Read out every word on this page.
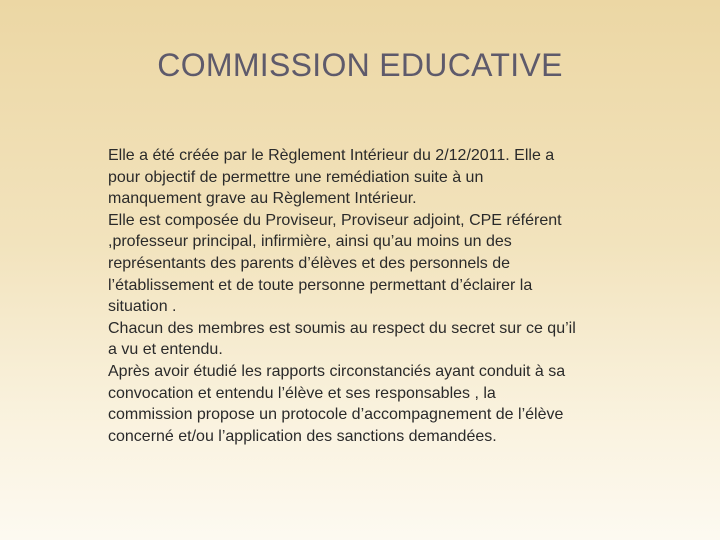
COMMISSION EDUCATIVE

Elle a été créée par le Règlement Intérieur du 2/12/2011. Elle a
pour objectif de permettre une remédiation suite à un
manquement grave au Règlement Intérieur.

Elle est composée du Proviseur, Proviseur adjoint, CPE référent
,professeur principal, infirmière, ainsi qu’au moins un des
représentants des parents d’élèves et des personnels de
l’établissement et de toute personne permettant d’éclairer la
situation .

Chacun des membres est soumis au respect du secret sur ce qu’il
a vu et entendu.

Après avoir étudié les rapports circonstanciés ayant conduit à sa
convocation et entendu l’élève et ses responsables , la
commission propose un protocole d’accompagnement de l’élève
concerné et/ou l’application des sanctions demandées.
